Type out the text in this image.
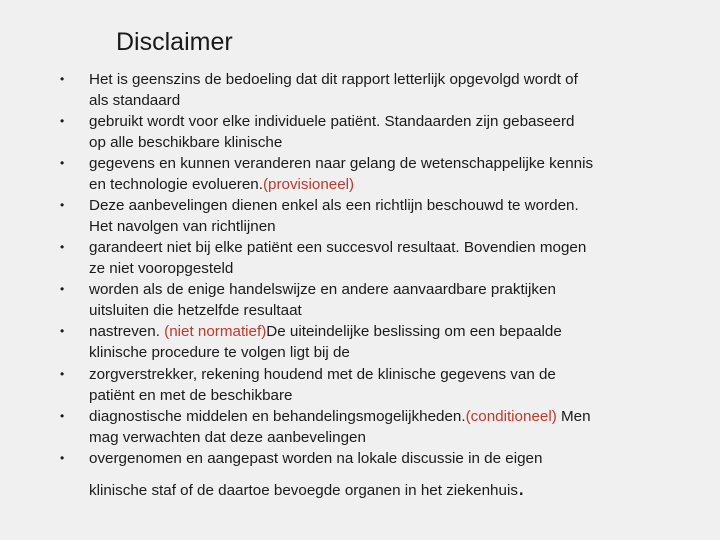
Disclaimer
• Het is geenszins de bedoeling dat dit rapport letterlijk opgevolgd wordt of
als standaard
• gebruikt wordt voor elke individuele patiënt. Standaarden zijn gebaseerd
op alle beschikbare klinische
• gegevens en kunnen veranderen naar gelang de wetenschappelijke kennis
en technologie evolueren.(provisioneel)
• Deze aanbevelingen dienen enkel als een richtlijn beschouwd te worden.
Het navolgen van richtlijnen
• garandeert niet bij elke patiënt een succesvol resultaat. Bovendien mogen
ze niet vooropgesteld
• worden als de enige handelswijze en andere aanvaardbare praktijken
uitsluiten die hetzelfde resultaat
• nastreven. (niet normatief)De uiteindelijke beslissing om een bepaalde
klinische procedure te volgen ligt bij de
• zorgverstrekker, rekening houdend met de klinische gegevens van de
patiënt en met de beschikbare
• diagnostische middelen en behandelingsmogelijkheden.(conditioneel) Men
mag verwachten dat deze aanbevelingen
• overgenomen en aangepast worden na lokale discussie in de eigen
klinische staf of de daartoe bevoegde organen in het ziekenhuis.
